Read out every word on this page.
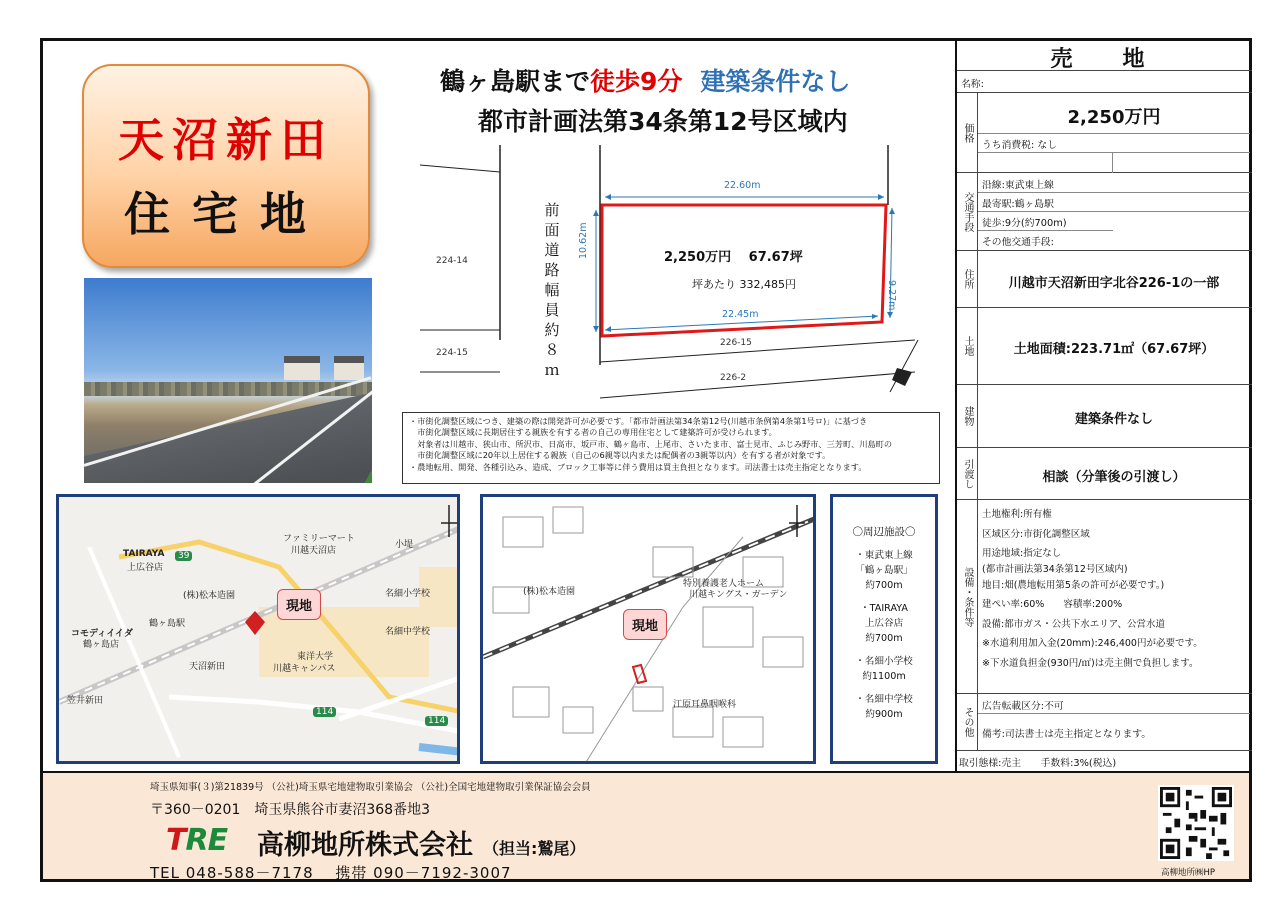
天沼新田
住宅地
鶴ヶ島駅まで徒歩9分 建築条件なし
都市計画法第34条第12号区域内
22.60m
22.45m
10.62m
9.27m
2,250万円　 67.67坪
坪あたり 332,485円
前面道路幅員約８ｍ
224-14
224-15
226-15
226-2
・市街化調整区域につき、建築の際は開発許可が必要です。「都市計画法第34条第12号(川越市条例第4条第1号ロ)」に基づき
　市街化調整区域に長期居住する親族を有する者の自己の専用住宅として建築許可が受けられます。
　対象者は川越市、狭山市、所沢市、日高市、坂戸市、鶴ヶ島市、上尾市、さいたま市、富士見市、ふじみ野市、三芳町、川島町の
　市街化調整区域に20年以上居住する親族（自己の6親等以内または配偶者の3親等以内）を有する者が対象です。
・農地転用、開発、各種引込み、造成、ブロック工事等に伴う費用は買主負担となります。司法書士は売主指定となります。
TAIRAYA
上広谷店
ファミリーマート
川越天沼店
小堤
(株)松本造園
鶴ヶ島駅
現地
コモディイイダ
鶴ヶ島店
東洋大学
川越キャンパス
名細小学校
名細中学校
天沼新田
笠井新田
39
114
114
(株)松本造園
特別養護老人ホーム
川越キングス・ガーデン
現地
江原耳鼻咽喉科
〇周辺施設〇
・東武東上線
「鶴ヶ島駅」
約700m
・TAIRAYA
上広谷店
約700m
・名細小学校
約1100m
・名細中学校
約900m
売　地
名称:
価格
2,250万円
うち消費税: なし
交通手段
沿線:東武東上線
最寄駅:鶴ヶ島駅
徒歩:9分(約700m)
その他交通手段:
住所	川越市天沼新田字北谷226-1の一部
土地	土地面積:223.71㎡（67.67坪）
建物	建築条件なし
引渡し	相談（分筆後の引渡し）
設備・条件等
土地権利:所有権
区域区分:市街化調整区域
用途地域:指定なし
(都市計画法第34条第12号区域内)
地目:畑(農地転用第5条の許可が必要です。)
建ぺい率:60%　　容積率:200%
設備:都市ガス・公共下水エリア、公営水道
※水道利用加入金(20mm):246,400円が必要です。
※下水道負担金(930円/㎡)は売主側で負担します。
その他
広告転載区分:不可
備考:司法書士は売主指定となります。
取引態様:売主　　手数料:3%(税込)
埼玉県知事(３)第21839号 （公社)埼玉県宅地建物取引業協会 （公社)全国宅地建物取引業保証協会会員
〒360－0201　埼玉県熊谷市妻沼368番地3
TRE 高柳地所株式会社 （担当:鷲尾）
TEL 048-588－7178　 携帯 090－7192-3007	高柳地所㈱HP
